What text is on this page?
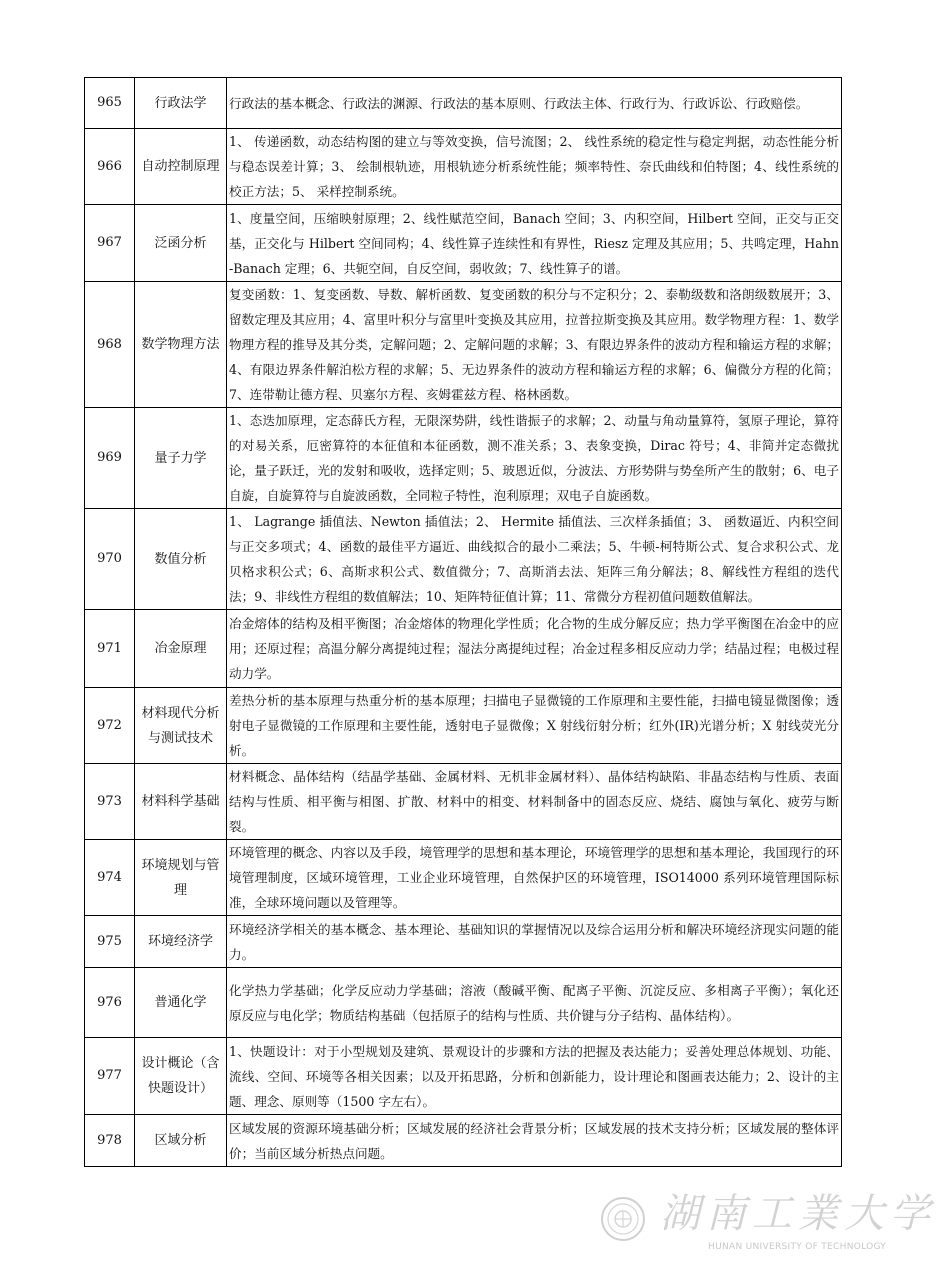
965	行政法学	行政法的基本概念、行政法的渊源、行政法的基本原则、行政法主体、行政行为、行政诉讼、行政赔偿。
966	自动控制原理	1、 传递函数，动态结构图的建立与等效变换，信号流图；2、 线性系统的稳定性与稳定判据，动态性能分析与稳态误差计算；3、 绘制根轨迹，用根轨迹分析系统性能；频率特性、奈氏曲线和伯特图；4、线性系统的校正方法；5、 采样控制系统。
967	泛函分析	1、度量空间，压缩映射原理；2、线性赋范空间，Banach 空间；3、内积空间，Hilbert 空间，正交与正交基，正交化与 Hilbert 空间同构；4、线性算子连续性和有界性，Riesz 定理及其应用；5、共鸣定理，Hahn-Banach 定理；6、共轭空间，自反空间，弱收敛；7、线性算子的谱。
968	数学物理方法	复变函数：1、复变函数、导数、解析函数、复变函数的积分与不定积分；2、泰勒级数和洛朗级数展开；3、留数定理及其应用；4、富里叶积分与富里叶变换及其应用，拉普拉斯变换及其应用。数学物理方程：1、数学物理方程的推导及其分类，定解问题；2、定解问题的求解；3、有限边界条件的波动方程和输运方程的求解；4、有限边界条件解泊松方程的求解；5、无边界条件的波动方程和输运方程的求解；6、偏微分方程的化简；7、连带勒让德方程、贝塞尔方程、亥姆霍兹方程、格林函数。
969	量子力学	1、态迭加原理，定态薛氏方程，无限深势阱，线性谐振子的求解；2、动量与角动量算符，氢原子理论，算符的对易关系，厄密算符的本征值和本征函数，测不准关系；3、表象变换，Dirac 符号；4、非简并定态微扰论，量子跃迁，光的发射和吸收，选择定则；5、玻恩近似，分波法、方形势阱与势垒所产生的散射；6、电子自旋，自旋算符与自旋波函数，全同粒子特性，泡利原理；双电子自旋函数。
970	数值分析	1、 Lagrange 插值法、Newton 插值法；2、 Hermite 插值法、三次样条插值；3、 函数逼近、内积空间与正交多项式；4、函数的最佳平方逼近、曲线拟合的最小二乘法；5、牛顿-柯特斯公式、复合求积公式、龙贝格求积公式；6、高斯求积公式、数值微分；7、高斯消去法、矩阵三角分解法；8、解线性方程组的迭代法；9、非线性方程组的数值解法；10、矩阵特征值计算；11、常微分方程初值问题数值解法。
971	冶金原理	冶金熔体的结构及相平衡图；冶金熔体的物理化学性质；化合物的生成分解反应；热力学平衡图在冶金中的应用；还原过程；高温分解分离提纯过程；湿法分离提纯过程；冶金过程多相反应动力学；结晶过程；电极过程动力学。
972	材料现代分析与测试技术	差热分析的基本原理与热重分析的基本原理；扫描电子显微镜的工作原理和主要性能，扫描电镜显微图像；透射电子显微镜的工作原理和主要性能，透射电子显微像；X 射线衍射分析；红外(IR)光谱分析；X 射线荧光分析。
973	材料科学基础	材料概念、晶体结构（结晶学基础、金属材料、无机非金属材料）、晶体结构缺陷、非晶态结构与性质、表面结构与性质、相平衡与相图、扩散、材料中的相变、材料制备中的固态反应、烧结、腐蚀与氧化、疲劳与断裂。
974	环境规划与管理	环境管理的概念、内容以及手段，境管理学的思想和基本理论，环境管理学的思想和基本理论，我国现行的环境管理制度，区域环境管理，工业企业环境管理，自然保护区的环境管理，ISO14000 系列环境管理国际标准，全球环境问题以及管理等。
975	环境经济学	环境经济学相关的基本概念、基本理论、基础知识的掌握情况以及综合运用分析和解决环境经济现实问题的能力。
976	普通化学	化学热力学基础；化学反应动力学基础；溶液（酸碱平衡、配离子平衡、沉淀反应、多相离子平衡）；氧化还原反应与电化学；物质结构基础（包括原子的结构与性质、共价键与分子结构、晶体结构）。
977	设计概论（含快题设计）	1、快题设计：对于小型规划及建筑、景观设计的步骤和方法的把握及表达能力；妥善处理总体规划、功能、流线、空间、环境等各相关因素；以及开拓思路，分析和创新能力，设计理论和图画表达能力；2、设计的主题、理念、原则等（1500 字左右）。
978	区域分析	区域发展的资源环境基础分析；区域发展的经济社会背景分析；区域发展的技术支持分析；区域发展的整体评价；当前区域分析热点问题。
湖南工業大学
HUNAN UNIVERSITY OF TECHNOLOGY
